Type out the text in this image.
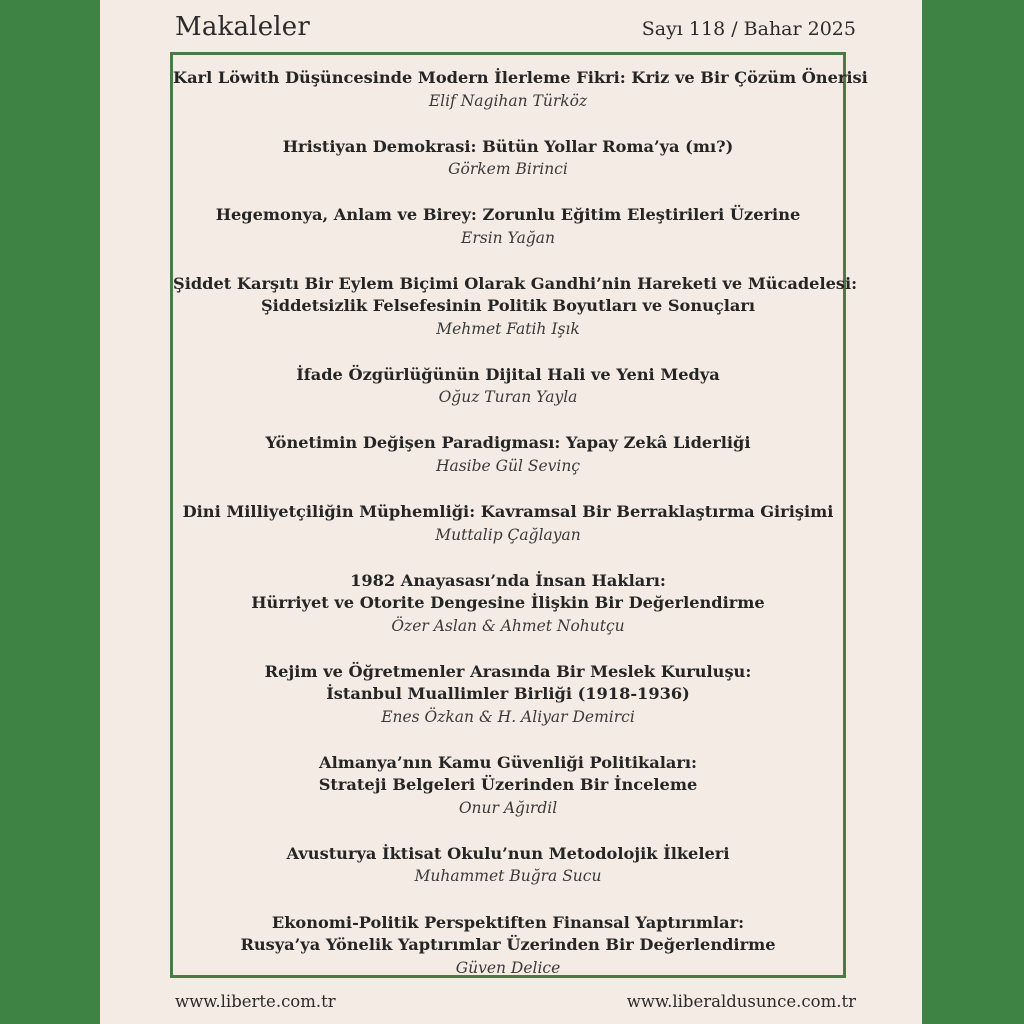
Makaleler	Sayı 118 / Bahar 2025
Karl Löwith Düşüncesinde Modern İlerleme Fikri: Kriz ve Bir Çözüm Önerisi
Elif Nagihan Türköz
Hristiyan Demokrasi: Bütün Yollar Roma’ya (mı?)
Görkem Birinci
Hegemonya, Anlam ve Birey: Zorunlu Eğitim Eleştirileri Üzerine
Ersin Yağan
Şiddet Karşıtı Bir Eylem Biçimi Olarak Gandhi’nin Hareketi ve Mücadelesi:
Şiddetsizlik Felsefesinin Politik Boyutları ve Sonuçları
Mehmet Fatih Işık
İfade Özgürlüğünün Dijital Hali ve Yeni Medya
Oğuz Turan Yayla
Yönetimin Değişen Paradigması: Yapay Zekâ Liderliği
Hasibe Gül Sevinç
Dini Milliyetçiliğin Müphemliği: Kavramsal Bir Berraklaştırma Girişimi
Muttalip Çağlayan
1982 Anayasası’nda İnsan Hakları:
Hürriyet ve Otorite Dengesine İlişkin Bir Değerlendirme
Özer Aslan & Ahmet Nohutçu
Rejim ve Öğretmenler Arasında Bir Meslek Kuruluşu:
İstanbul Muallimler Birliği (1918-1936)
Enes Özkan & H. Aliyar Demirci
Almanya’nın Kamu Güvenliği Politikaları:
Strateji Belgeleri Üzerinden Bir İnceleme
Onur Ağırdil
Avusturya İktisat Okulu’nun Metodolojik İlkeleri
Muhammet Buğra Sucu
Ekonomi-Politik Perspektiften Finansal Yaptırımlar:
Rusya’ya Yönelik Yaptırımlar Üzerinden Bir Değerlendirme
Güven Delice
www.liberte.com.tr	www.liberaldusunce.com.tr
